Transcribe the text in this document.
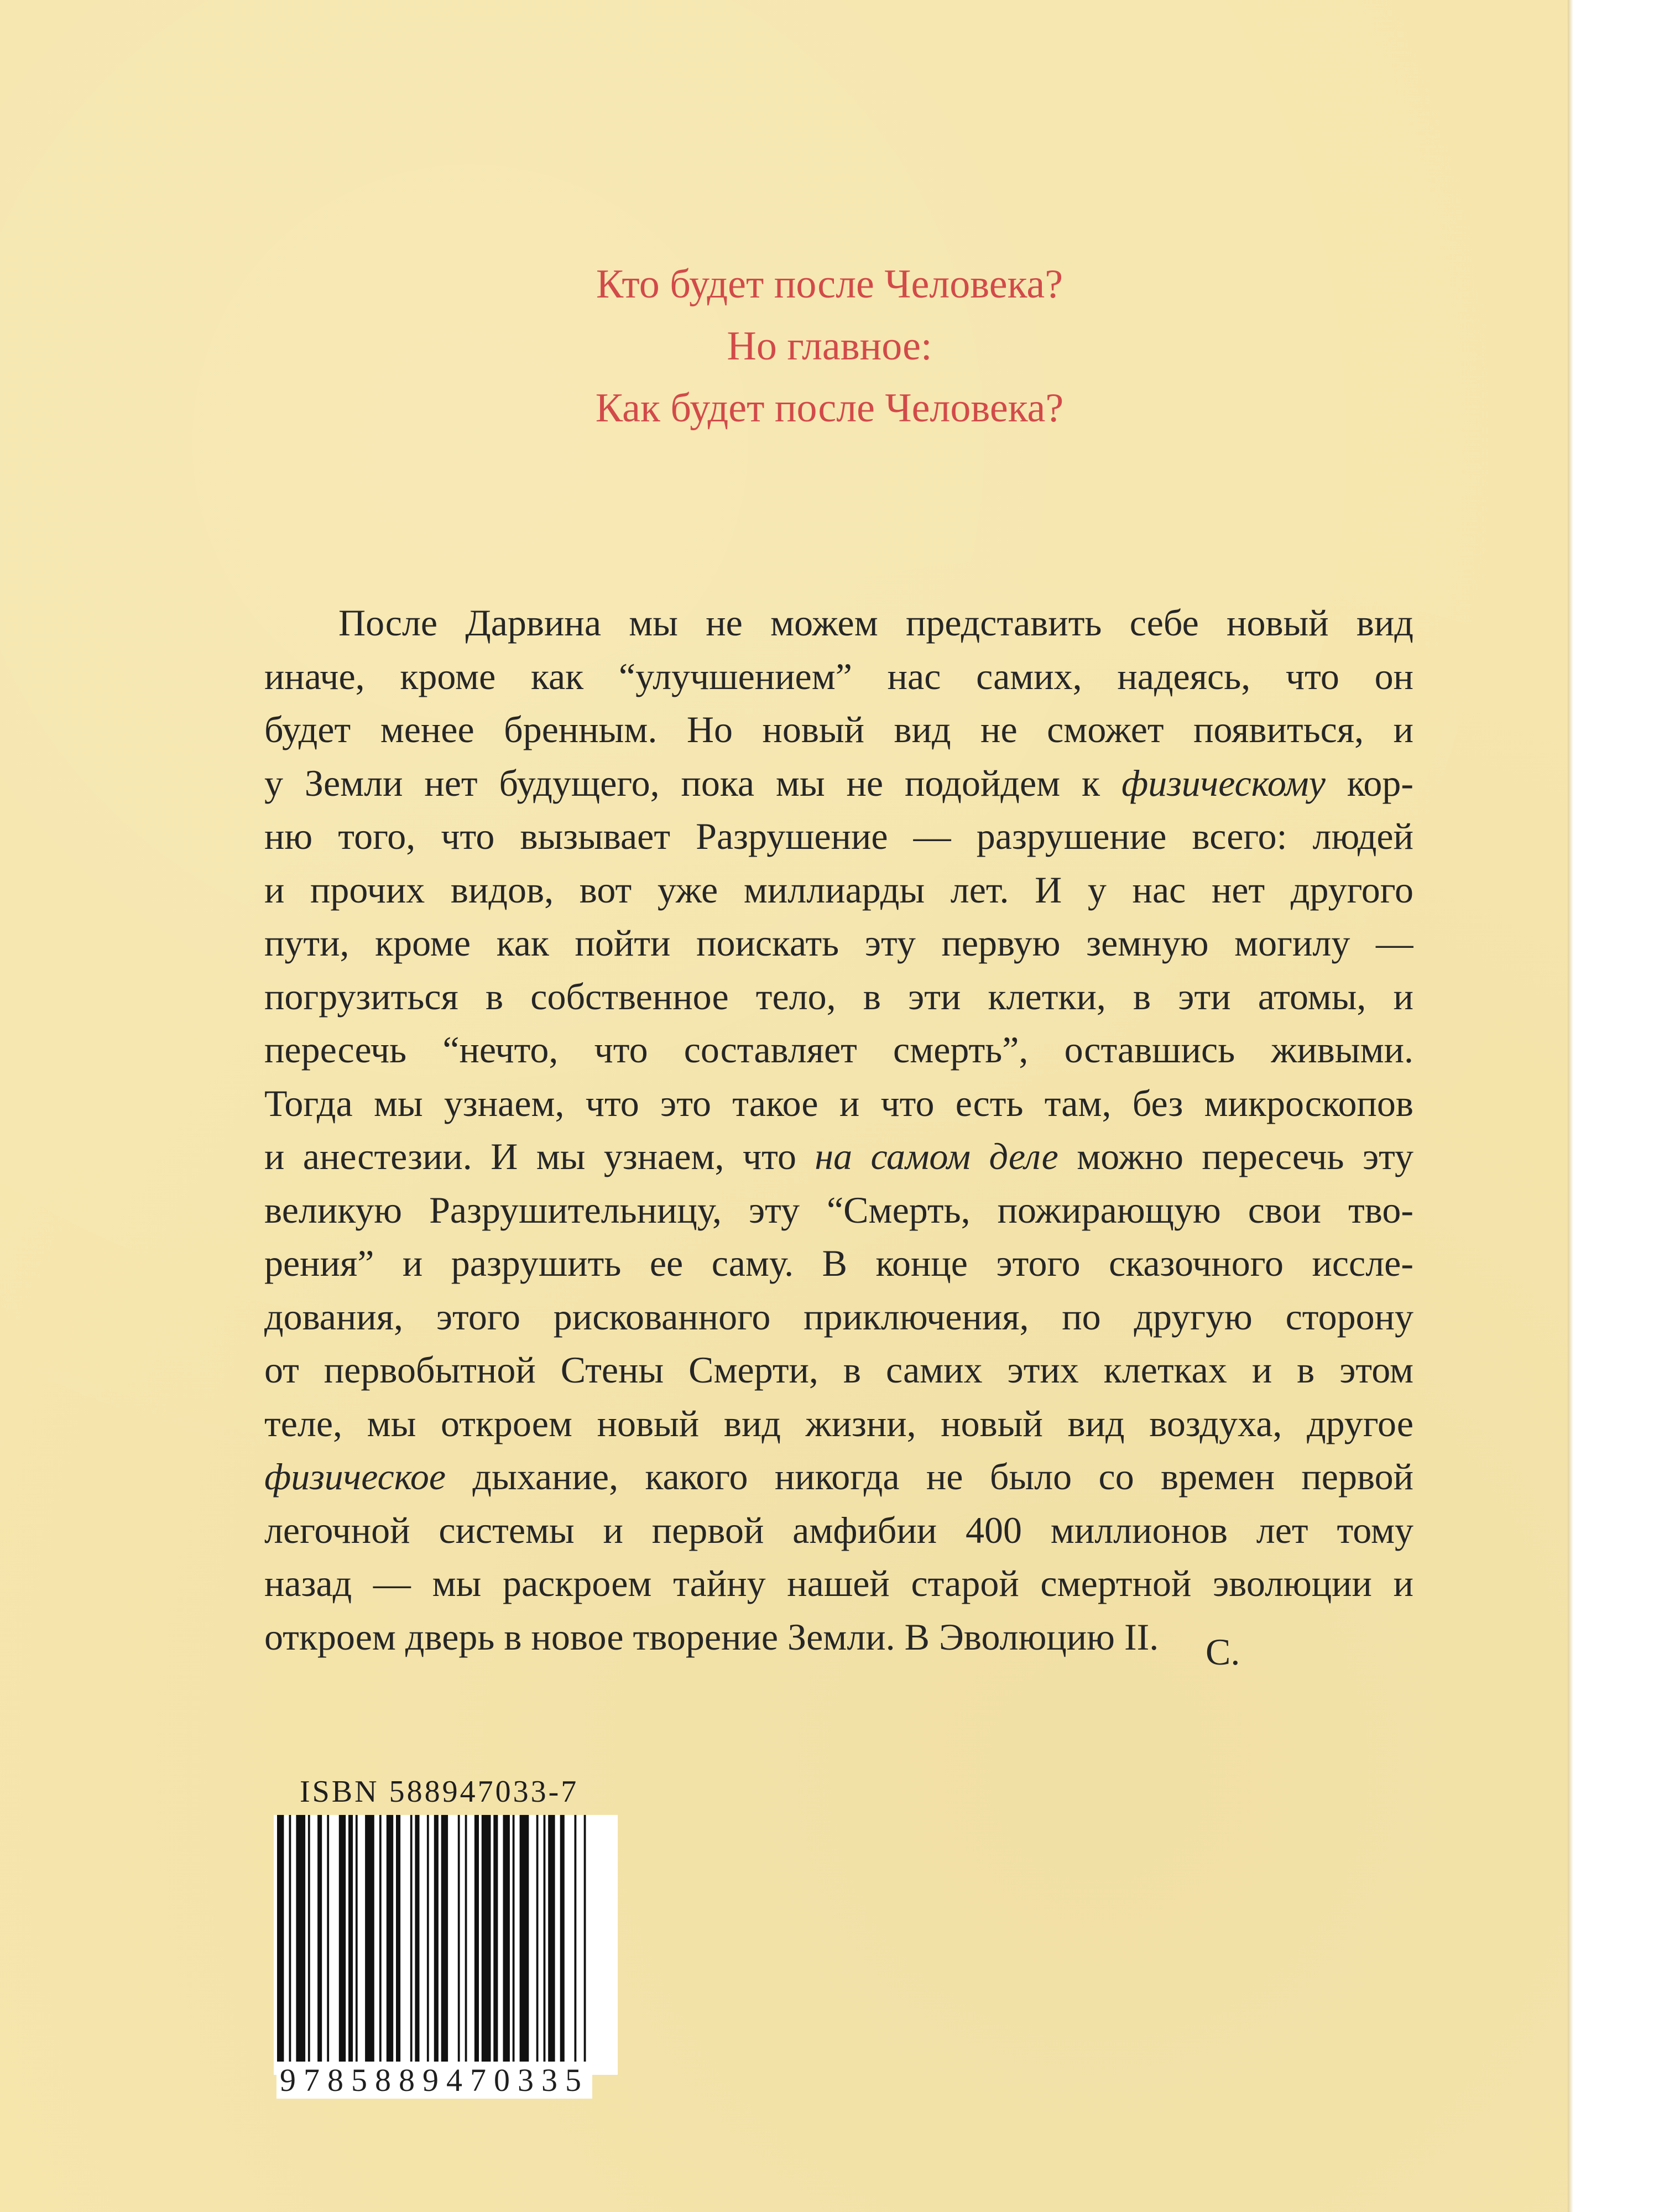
Кто будет после Человека?
Но главное:
Как будет после Человека?
После Дарвина мы не можем представить себе новый вид
иначе, кроме как “улучшением” нас самих, надеясь, что он
будет менее бренным. Но новый вид не сможет появиться, и
у Земли нет будущего, пока мы не подойдем к физическому кор-
ню того, что вызывает Разрушение — разрушение всего: людей
и прочих видов, вот уже миллиарды лет. И у нас нет другого
пути, кроме как пойти поискать эту первую земную могилу —
погрузиться в собственное тело, в эти клетки, в эти атомы, и
пересечь “нечто, что составляет смерть”, оставшись живыми.
Тогда мы узнаем, что это такое и что есть там, без микроскопов
и анестезии. И мы узнаем, что на самом деле можно пересечь эту
великую Разрушительницу, эту “Смерть, пожирающую свои тво-
рения” и разрушить ее саму. В конце этого сказочного иссле-
дования, этого рискованного приключения, по другую сторону
от первобытной Стены Смерти, в самих этих клетках и в этом
теле, мы откроем новый вид жизни, новый вид воздуха, другое
физическое дыхание, какого никогда не было со времен первой
легочной системы и первой амфибии 400 миллионов лет тому
назад — мы раскроем тайну нашей старой смертной эволюции и
откроем дверь в новое творение Земли. В Эволюцию II.	С.
ISBN 588947033-7
9785889470335
